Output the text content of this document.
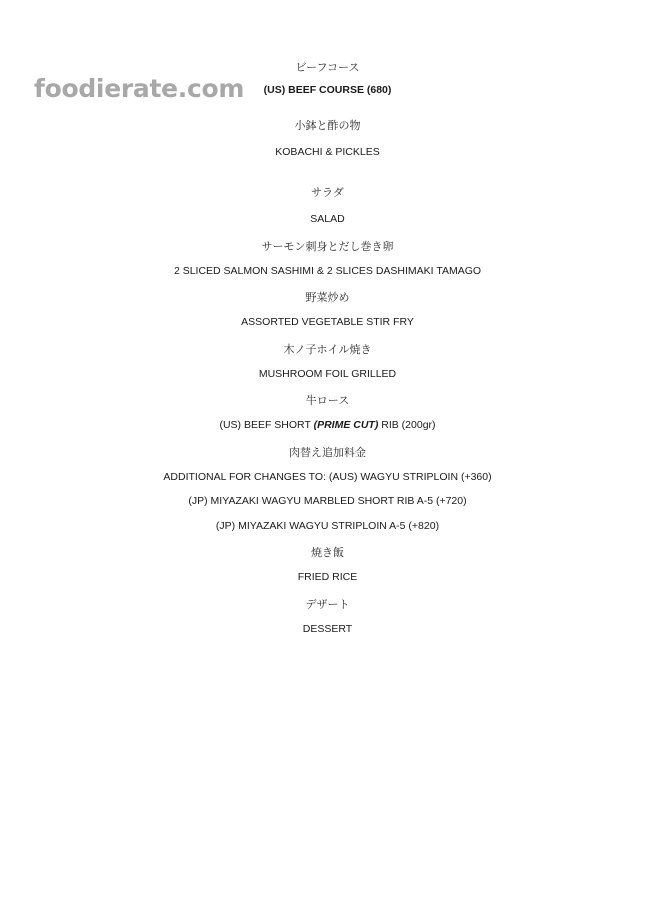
foodierate.com
ビーフコース
(US) BEEF COURSE (680)
小鉢と酢の物
KOBACHI & PICKLES
サラダ
SALAD
サーモン刺身とだし巻き卵
2 SLICED SALMON SASHIMI & 2 SLICES DASHIMAKI TAMAGO
野菜炒め
ASSORTED VEGETABLE STIR FRY
木ノ子ホイル焼き
MUSHROOM FOIL GRILLED
牛ロース
(US) BEEF SHORT (PRIME CUT) RIB (200gr)
肉替え追加料金
ADDITIONAL FOR CHANGES TO: (AUS) WAGYU STRIPLOIN (+360)
(JP) MIYAZAKI WAGYU MARBLED SHORT RIB A-5 (+720)
(JP) MIYAZAKI WAGYU STRIPLOIN A-5 (+820)
焼き飯
FRIED RICE
デザート
DESSERT
